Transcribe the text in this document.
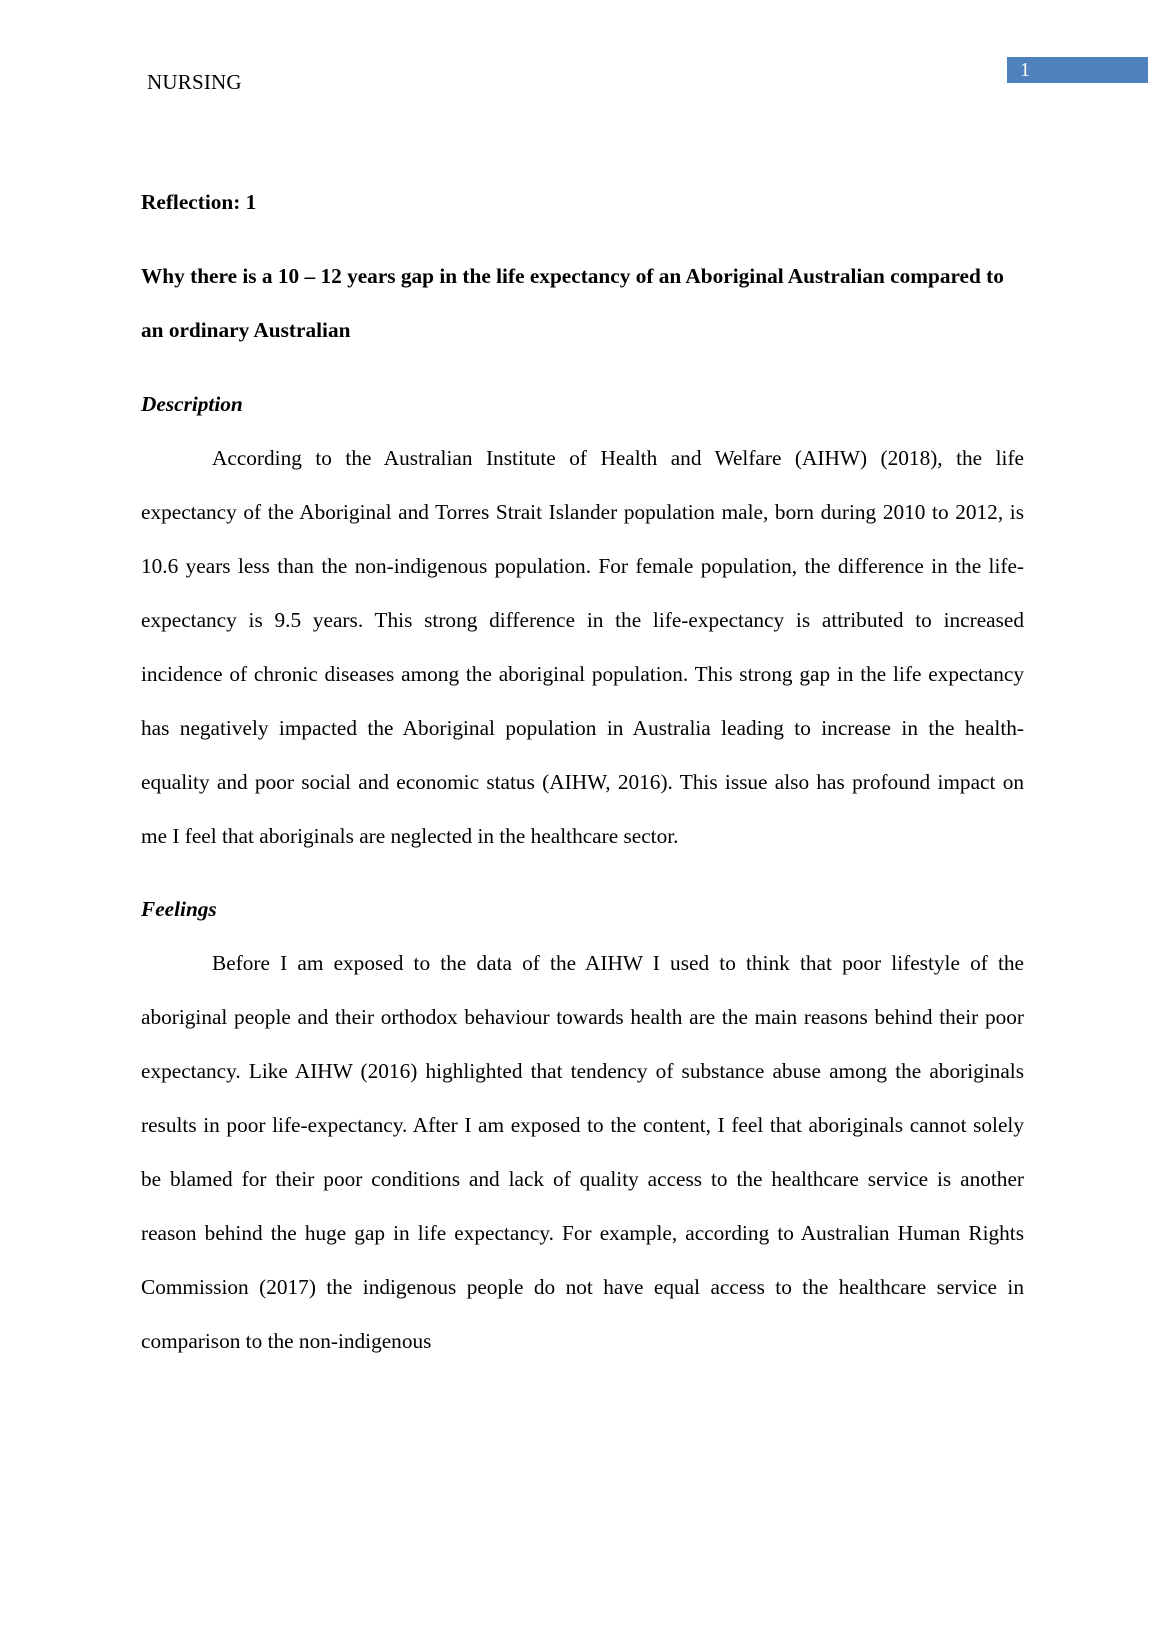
NURSING	1

Reflection: 1

Why there is a 10 – 12 years gap in the life expectancy of an Aboriginal Australian compared to an ordinary Australian

Description

According to the Australian Institute of Health and Welfare (AIHW) (2018), the life expectancy of the Aboriginal and Torres Strait Islander population male, born during 2010 to 2012, is 10.6 years less than the non-indigenous population. For female population, the difference in the life-expectancy is 9.5 years. This strong difference in the life-expectancy is attributed to increased incidence of chronic diseases among the aboriginal population. This strong gap in the life expectancy has negatively impacted the Aboriginal population in Australia leading to increase in the health-equality and poor social and economic status (AIHW, 2016). This issue also has profound impact on me I feel that aboriginals are neglected in the healthcare sector.

Feelings

Before I am exposed to the data of the AIHW I used to think that poor lifestyle of the aboriginal people and their orthodox behaviour towards health are the main reasons behind their poor expectancy. Like AIHW (2016) highlighted that tendency of substance abuse among the aboriginals results in poor life-expectancy. After I am exposed to the content, I feel that aboriginals cannot solely be blamed for their poor conditions and lack of quality access to the healthcare service is another reason behind the huge gap in life expectancy. For example, according to Australian Human Rights Commission (2017) the indigenous people do not have equal access to the healthcare service in comparison to the non-indigenous
